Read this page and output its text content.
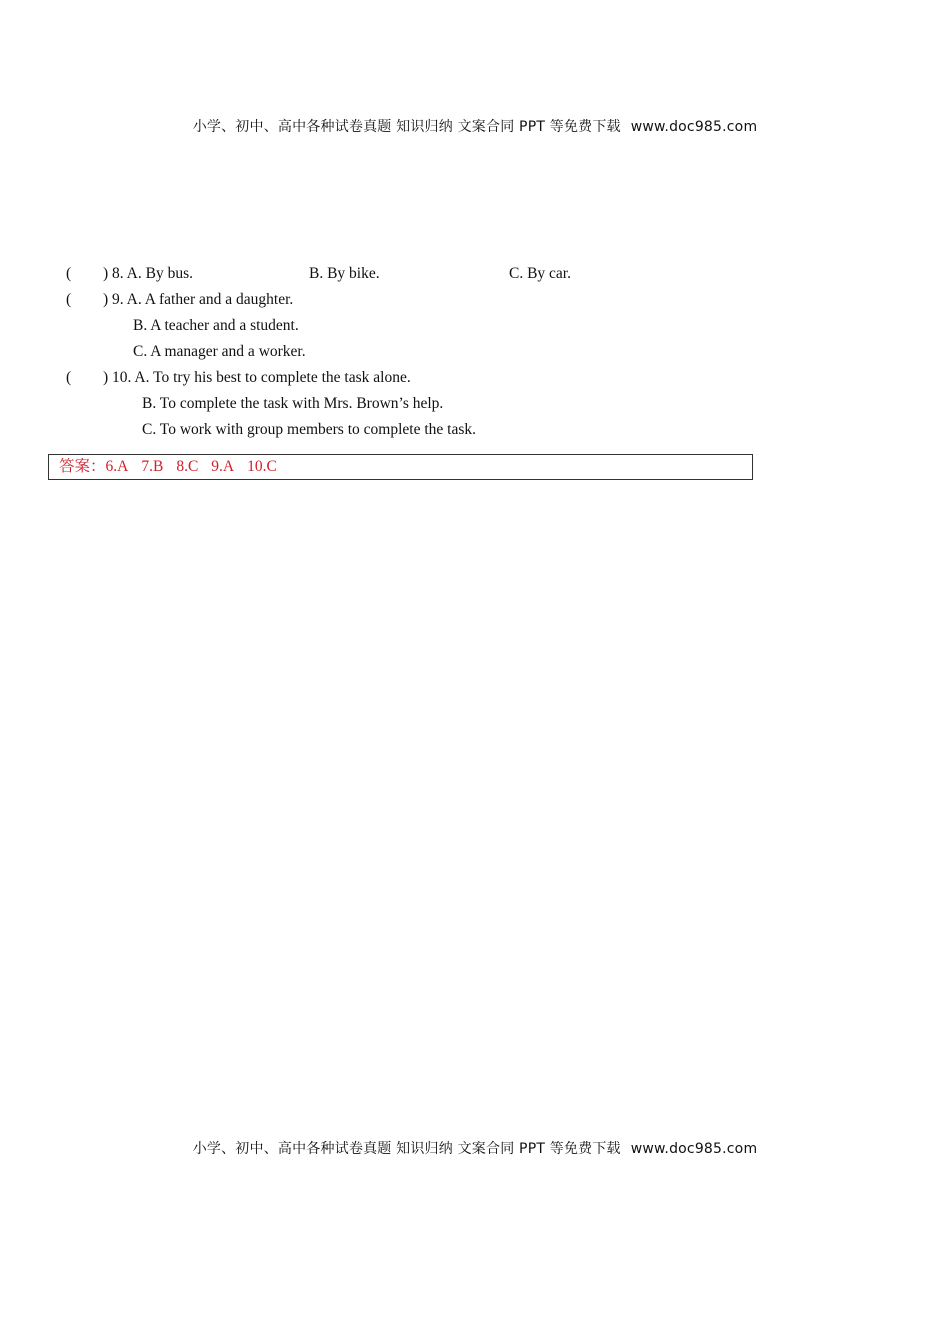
小学、初中、高中各种试卷真题 知识归纳 文案合同 PPT 等免费下载 www.doc985.com
( ) 8. A. By bus.	B. By bike.	C. By car.
( ) 9. A. A father and a daughter.
B. A teacher and a student.
C. A manager and a worker.
( ) 10. A. To try his best to complete the task alone.
B. To complete the task with Mrs. Brown’s help.
C. To work with group members to complete the task.
答案：6.A 7.B 8.C 9.A 10.C
小学、初中、高中各种试卷真题 知识归纳 文案合同 PPT 等免费下载 www.doc985.com
